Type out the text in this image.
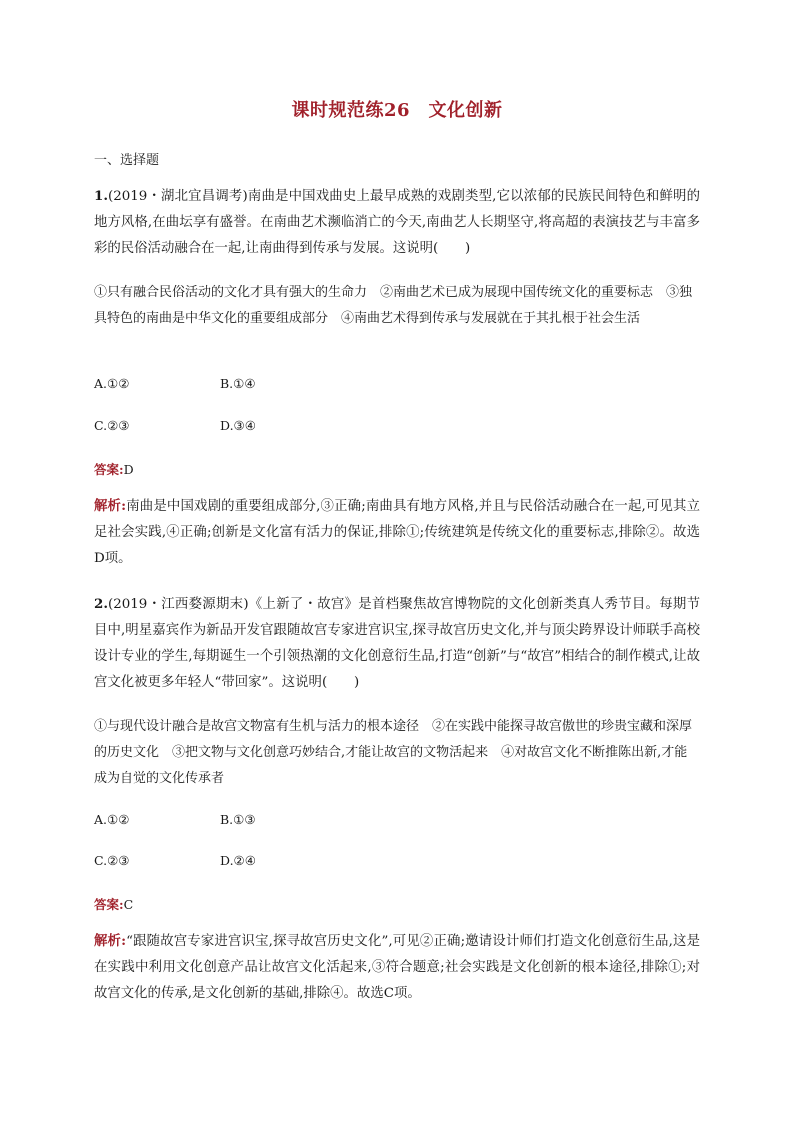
课时规范练26　文化创新
一、选择题
1.(2019・湖北宜昌调考)南曲是中国戏曲史上最早成熟的戏剧类型,它以浓郁的民族民间特色和鲜明的地方风格,在曲坛享有盛誉。在南曲艺术濒临消亡的今天,南曲艺人长期坚守,将高超的表演技艺与丰富多彩的民俗活动融合在一起,让南曲得到传承与发展。这说明(　　)
①只有融合民俗活动的文化才具有强大的生命力　②南曲艺术已成为展现中国传统文化的重要标志　③独具特色的南曲是中华文化的重要组成部分　④南曲艺术得到传承与发展就在于其扎根于社会生活
A.①②	B.①④
C.②③	D.③④
答案:D
解析:南曲是中国戏剧的重要组成部分,③正确;南曲具有地方风格,并且与民俗活动融合在一起,可见其立足社会实践,④正确;创新是文化富有活力的保证,排除①;传统建筑是传统文化的重要标志,排除②。故选D项。
2.(2019・江西婺源期末)《上新了・故宫》是首档聚焦故宫博物院的文化创新类真人秀节目。每期节目中,明星嘉宾作为新品开发官跟随故宫专家进宫识宝,探寻故宫历史文化,并与顶尖跨界设计师联手高校设计专业的学生,每期诞生一个引领热潮的文化创意衍生品,打造“创新”与“故宫”相结合的制作模式,让故宫文化被更多年轻人“带回家”。这说明(　　)
①与现代设计融合是故宫文物富有生机与活力的根本途径　②在实践中能探寻故宫傲世的珍贵宝藏和深厚的历史文化　③把文物与文化创意巧妙结合,才能让故宫的文物活起来　④对故宫文化不断推陈出新,才能成为自觉的文化传承者
A.①②	B.①③
C.②③	D.②④
答案:C
解析:“跟随故宫专家进宫识宝,探寻故宫历史文化”,可见②正确;邀请设计师们打造文化创意衍生品,这是在实践中利用文化创意产品让故宫文化活起来,③符合题意;社会实践是文化创新的根本途径,排除①;对故宫文化的传承,是文化创新的基础,排除④。故选C项。
